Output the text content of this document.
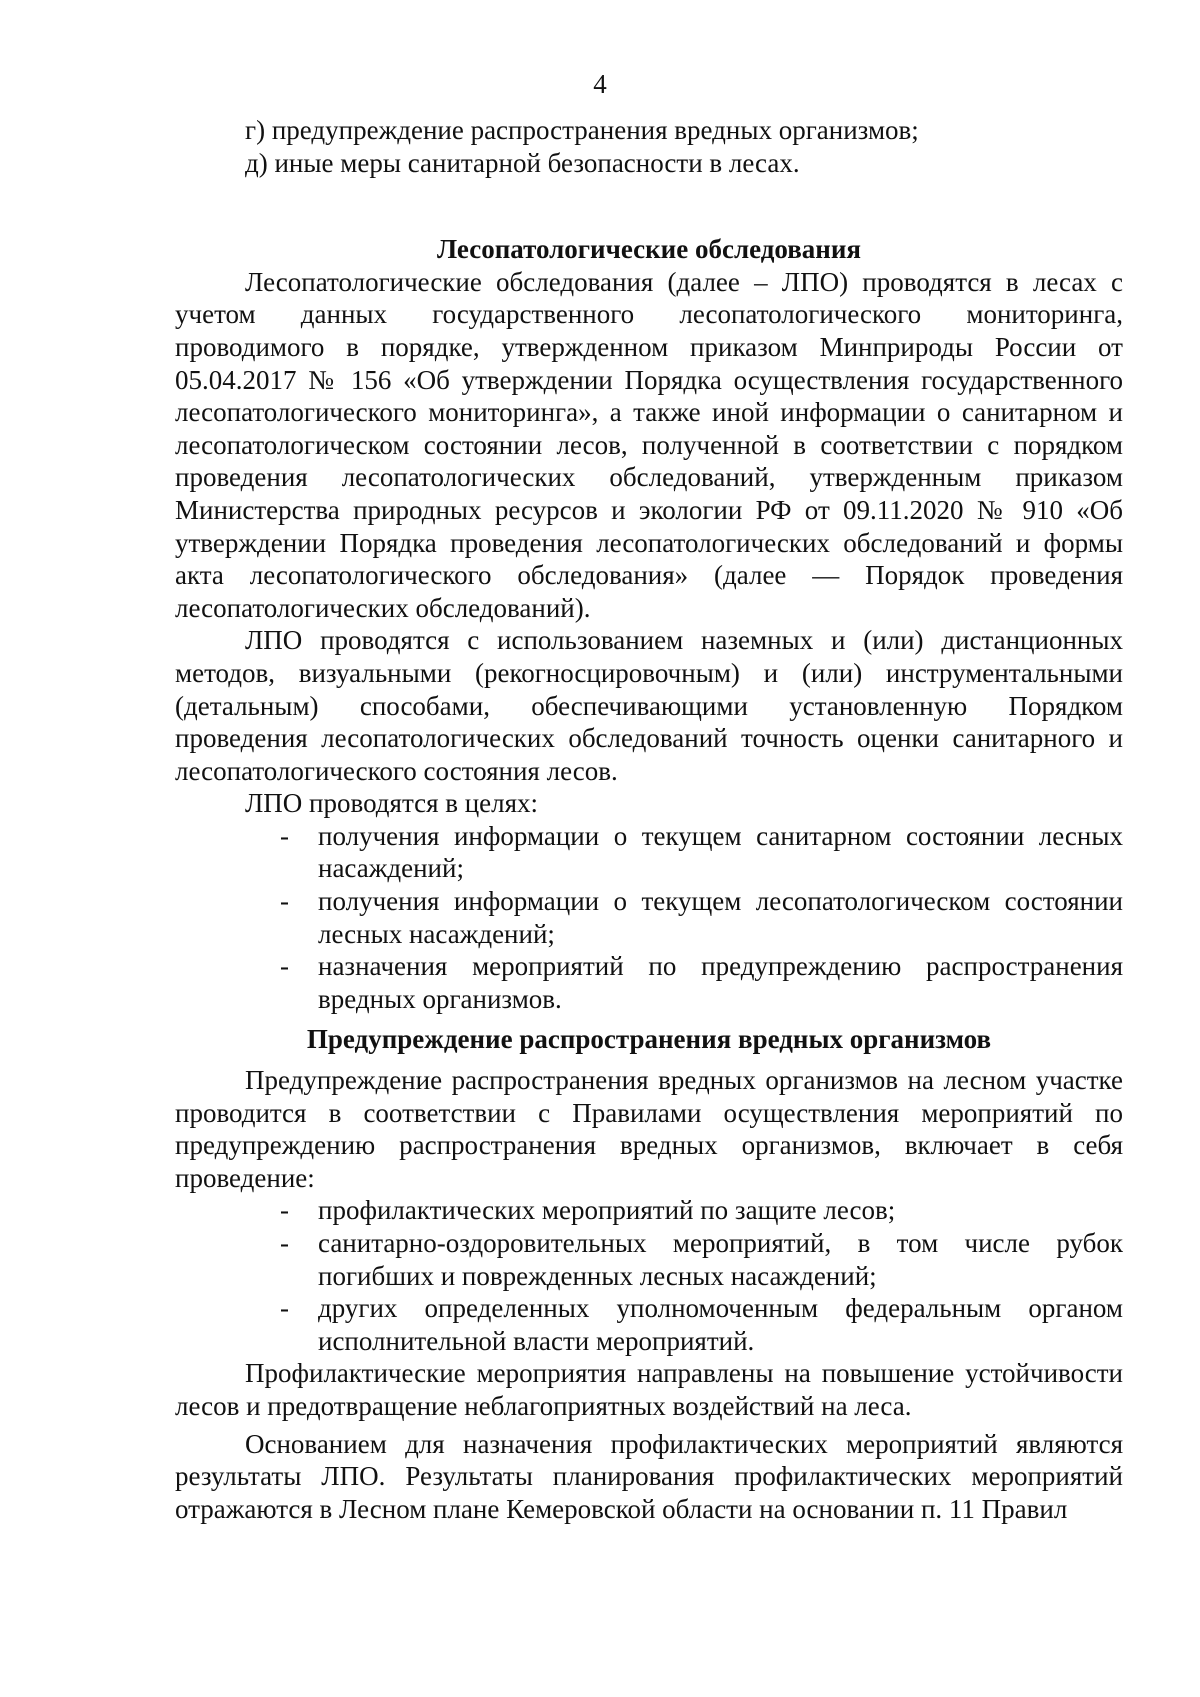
4

г) предупреждение распространения вредных организмов;

д) иные меры санитарной безопасности в лесах.

Лесопатологические обследования

Лесопатологические обследования (далее – ЛПО) проводятся в лесах с учетом данных государственного лесопатологического мониторинга, проводимого в порядке, утвержденном приказом Минприроды России от 05.04.2017 № 156 «Об утверждении Порядка осуществления государственного лесопатологического мониторинга», а также иной информации о санитарном и лесопатологическом состоянии лесов, полученной в соответствии с порядком проведения лесопатологических обследований, утвержденным приказом Министерства природных ресурсов и экологии РФ от 09.11.2020 № 910 «Об утверждении Порядка проведения лесопатологических обследований и формы акта лесопатологического обследования» (далее — Порядок проведения лесопатологических обследований).

ЛПО проводятся с использованием наземных и (или) дистанционных методов, визуальными (рекогносцировочным) и (или) инструментальными (детальным) способами, обеспечивающими установленную Порядком проведения лесопатологических обследований точность оценки санитарного и лесопатологического состояния лесов.

ЛПО проводятся в целях:

- получения информации о текущем санитарном состоянии лесных насаждений;
- получения информации о текущем лесопатологическом состоянии лесных насаждений;
- назначения мероприятий по предупреждению распространения вредных организмов.

Предупреждение распространения вредных организмов

Предупреждение распространения вредных организмов на лесном участке проводится в соответствии с Правилами осуществления мероприятий по предупреждению распространения вредных организмов, включает в себя проведение:

- профилактических мероприятий по защите лесов;
- санитарно-оздоровительных мероприятий, в том числе рубок погибших и поврежденных лесных насаждений;
- других определенных уполномоченным федеральным органом исполнительной власти мероприятий.

Профилактические мероприятия направлены на повышение устойчивости лесов и предотвращение неблагоприятных воздействий на леса.

Основанием для назначения профилактических мероприятий являются результаты ЛПО. Результаты планирования профилактических мероприятий отражаются в Лесном плане Кемеровской области на основании п. 11 Правил
